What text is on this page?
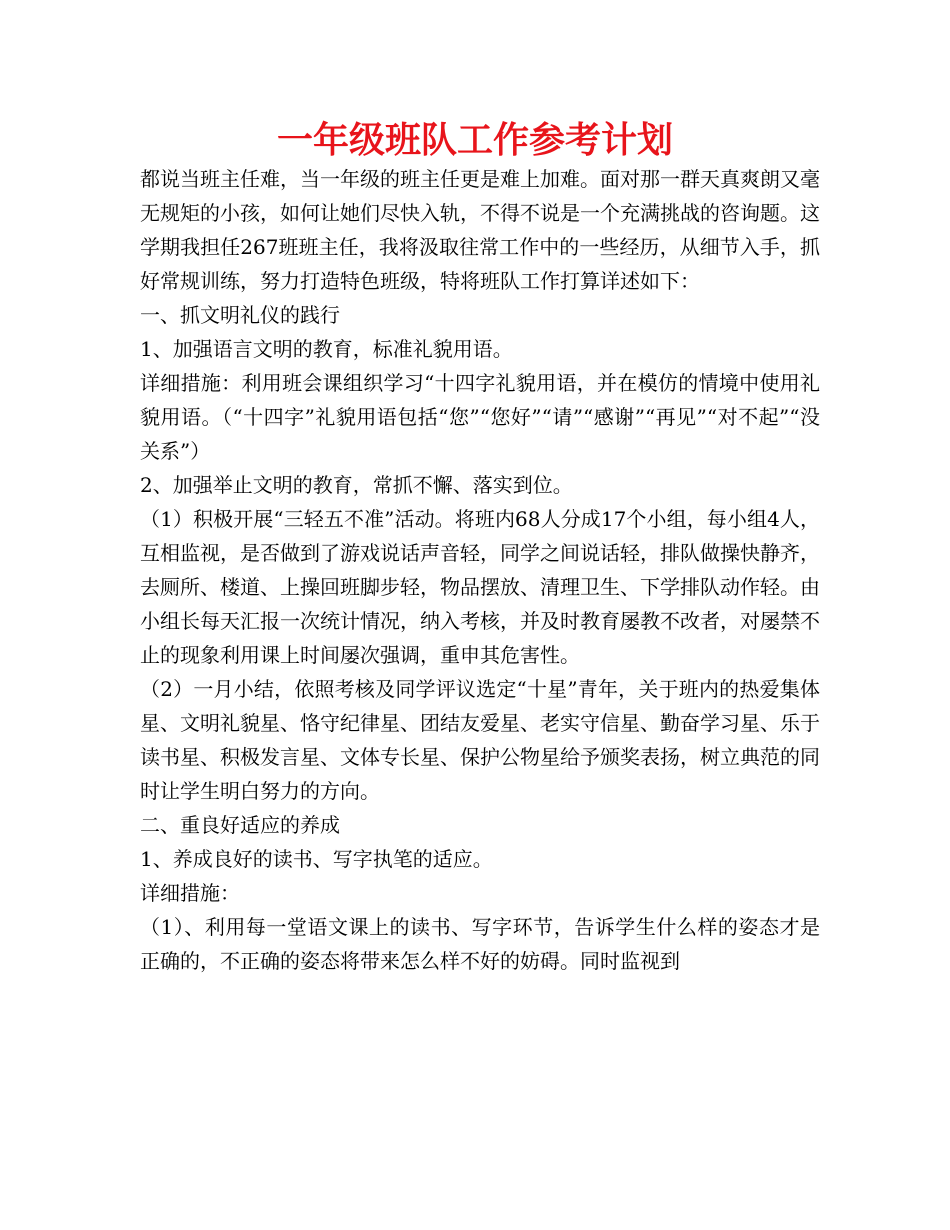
一年级班队工作参考计划

都说当班主任难，当一年级的班主任更是难上加难。面对那一群天真爽朗又毫无规矩的小孩，如何让她们尽快入轨，不得不说是一个充满挑战的咨询题。这学期我担任267班班主任，我将汲取往常工作中的一些经历，从细节入手，抓好常规训练，努力打造特色班级，特将班队工作打算详述如下：

一、抓文明礼仪的践行

1、加强语言文明的教育，标准礼貌用语。

详细措施：利用班会课组织学习“十四字礼貌用语，并在模仿的情境中使用礼貌用语。（“十四字”礼貌用语包括“您”“您好”“请”“感谢”“再见”“对不起”“没关系”）

2、加强举止文明的教育，常抓不懈、落实到位。

（1）积极开展“三轻五不准”活动。将班内68人分成17个小组，每小组4人，互相监视，是否做到了游戏说话声音轻，同学之间说话轻，排队做操快静齐，去厕所、楼道、上操回班脚步轻，物品摆放、清理卫生、下学排队动作轻。由小组长每天汇报一次统计情况，纳入考核，并及时教育屡教不改者，对屡禁不止的现象利用课上时间屡次强调，重申其危害性。

（2）一月小结，依照考核及同学评议选定“十星”青年，关于班内的热爱集体星、文明礼貌星、恪守纪律星、团结友爱星、老实守信星、勤奋学习星、乐于读书星、积极发言星、文体专长星、保护公物星给予颁奖表扬，树立典范的同时让学生明白努力的方向。

二、重良好适应的养成

1、养成良好的读书、写字执笔的适应。

详细措施：

（1）、利用每一堂语文课上的读书、写字环节，告诉学生什么样的姿态才是正确的，不正确的姿态将带来怎么样不好的妨碍。同时监视到
